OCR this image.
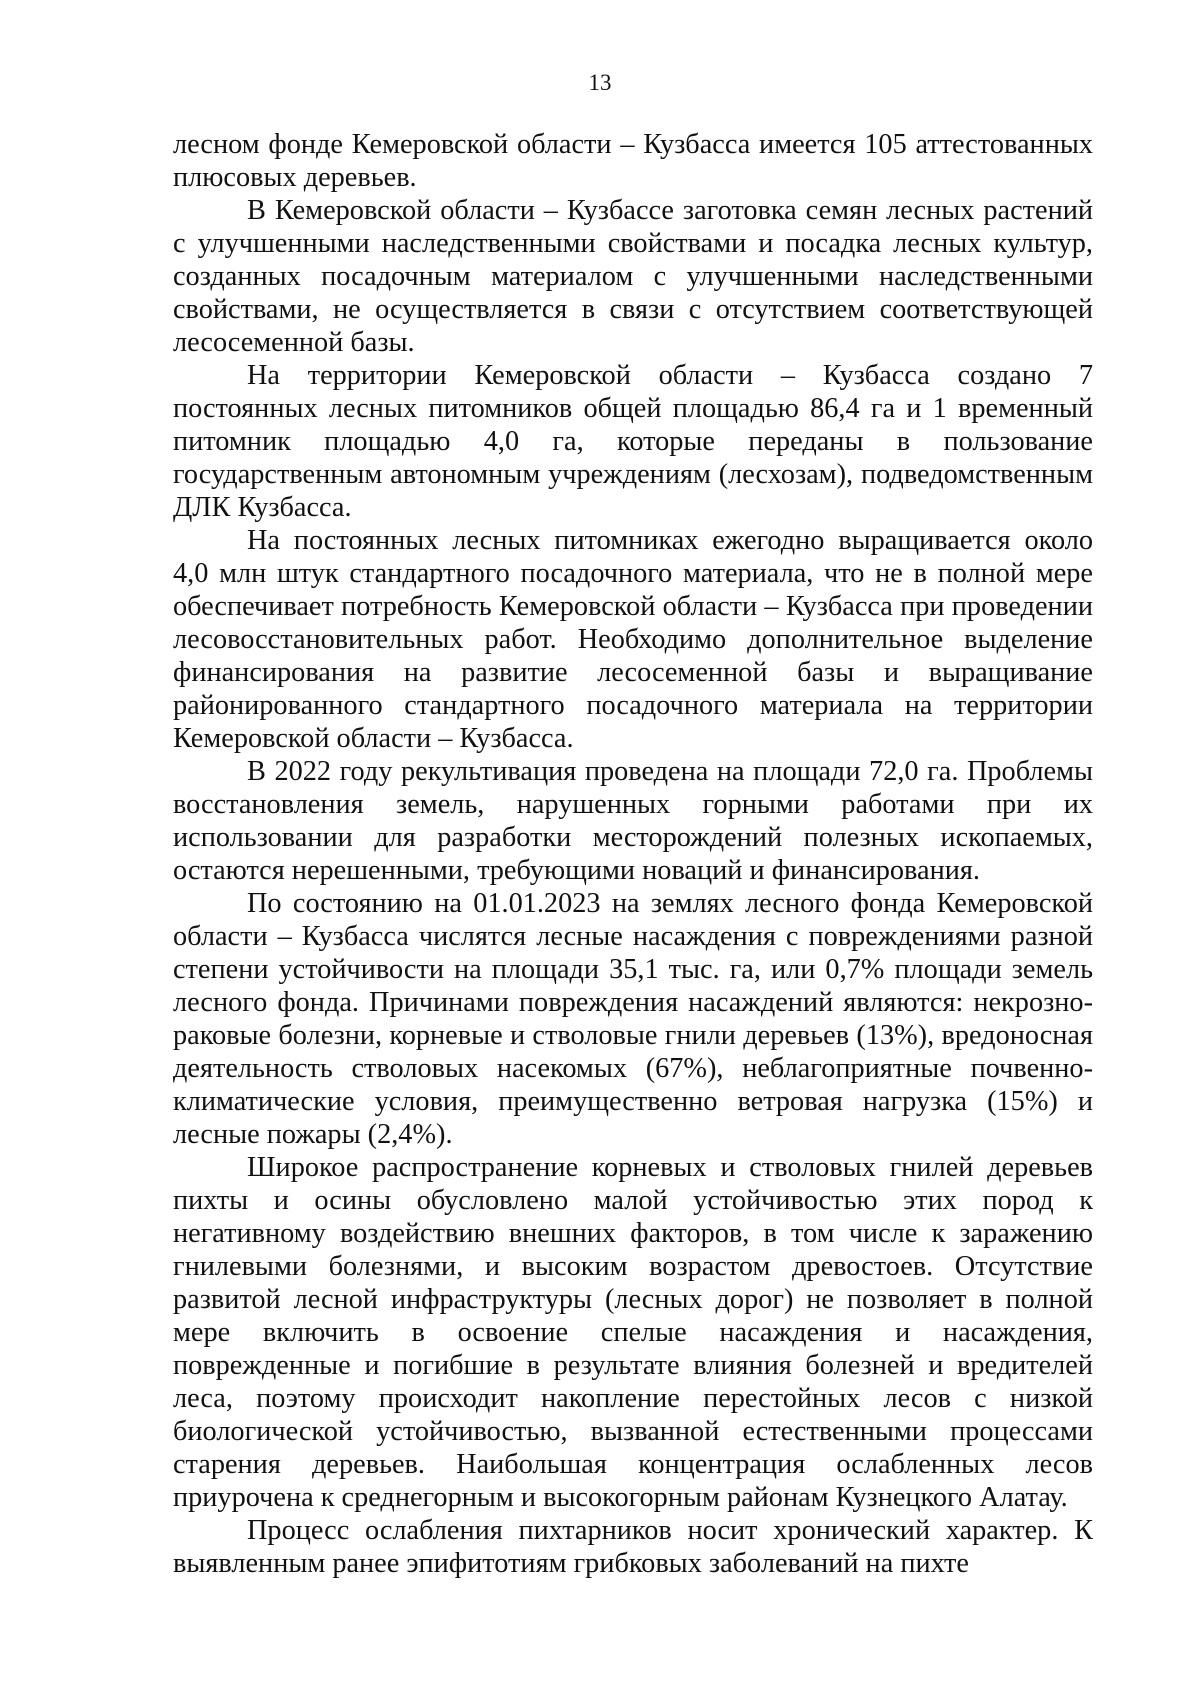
13

лесном фонде Кемеровской области – Кузбасса имеется 105 аттестованных плюсовых деревьев.

В Кемеровской области – Кузбассе заготовка семян лесных растений с улучшенными наследственными свойствами и посадка лесных культур, созданных посадочным материалом с улучшенными наследственными свойствами, не осуществляется в связи с отсутствием соответствующей лесосеменной базы.

На территории Кемеровской области – Кузбасса создано 7 постоянных лесных питомников общей площадью 86,4 га и 1 временный питомник площадью 4,0 га, которые переданы в пользование государственным автономным учреждениям (лесхозам), подведомственным ДЛК Кузбасса.

На постоянных лесных питомниках ежегодно выращивается около 4,0 млн штук стандартного посадочного материала, что не в полной мере обеспечивает потребность Кемеровской области – Кузбасса при проведении лесовосстановительных работ. Необходимо дополнительное выделение финансирования на развитие лесосеменной базы и выращивание районированного стандартного посадочного материала на территории Кемеровской области – Кузбасса.

В 2022 году рекультивация проведена на площади 72,0 га. Проблемы восстановления земель, нарушенных горными работами при их использовании для разработки месторождений полезных ископаемых, остаются нерешенными, требующими новаций и финансирования.

По состоянию на 01.01.2023 на землях лесного фонда Кемеровской области – Кузбасса числятся лесные насаждения с повреждениями разной степени устойчивости на площади 35,1 тыс. га, или 0,7% площади земель лесного фонда. Причинами повреждения насаждений являются: некрозно-раковые болезни, корневые и стволовые гнили деревьев (13%), вредоносная деятельность стволовых насекомых (67%), неблагоприятные почвенно-климатические условия, преимущественно ветровая нагрузка (15%) и лесные пожары (2,4%).

Широкое распространение корневых и стволовых гнилей деревьев пихты и осины обусловлено малой устойчивостью этих пород к негативному воздействию внешних факторов, в том числе к заражению гнилевыми болезнями, и высоким возрастом древостоев. Отсутствие развитой лесной инфраструктуры (лесных дорог) не позволяет в полной мере включить в освоение спелые насаждения и насаждения, поврежденные и погибшие в результате влияния болезней и вредителей леса, поэтому происходит накопление перестойных лесов с низкой биологической устойчивостью, вызванной естественными процессами старения деревьев. Наибольшая концентрация ослабленных лесов приурочена к среднегорным и высокогорным районам Кузнецкого Алатау.

Процесс ослабления пихтарников носит хронический характер. К выявленным ранее эпифитотиям грибковых заболеваний на пихте
